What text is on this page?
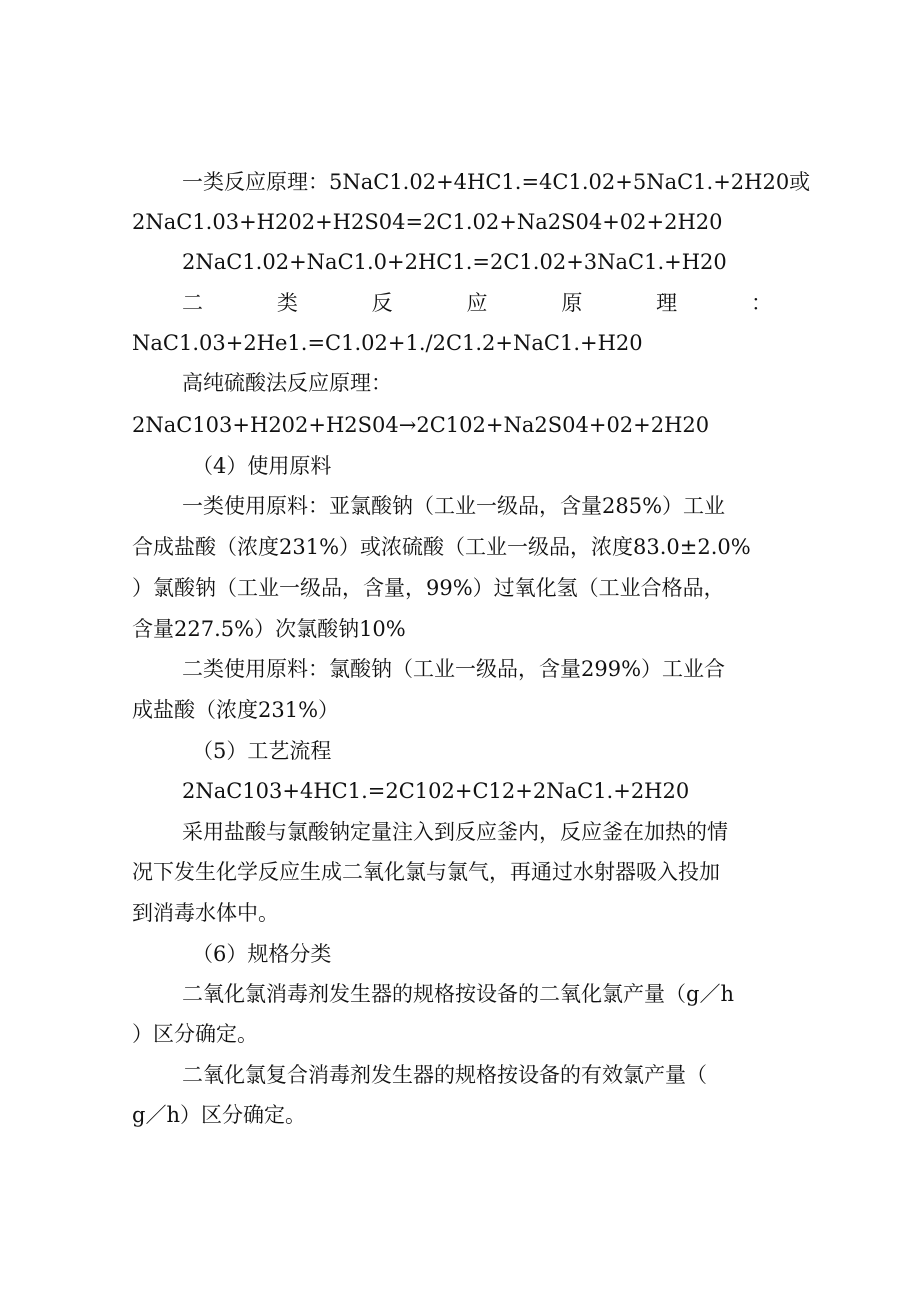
一类反应原理：5NaC1.02+4HC1.=4C1.02+5NaC1.+2H20或
2NaC1.03+H202+H2S04=2C1.02+Na2S04+02+2H20
2NaC1.02+NaC1.0+2HC1.=2C1.02+3NaC1.+H20
二	类	反	应	原	理	：
NaC1.03+2He1.=C1.02+1./2C1.2+NaC1.+H20
高纯硫酸法反应原理：
2NaC103+H202+H2S04→2C102+Na2S04+02+2H20
（4）使用原料
一类使用原料：亚氯酸钠（工业一级品，含量285%）工业
合成盐酸（浓度231%）或浓硫酸（工业一级品，浓度83.0±2.0%
）氯酸钠（工业一级品，含量，99%）过氧化氢（工业合格品，
含量227.5%）次氯酸钠10%
二类使用原料：氯酸钠（工业一级品，含量299%）工业合
成盐酸（浓度231%）
（5）工艺流程
2NaC103+4HC1.=2C102+C12+2NaC1.+2H20
采用盐酸与氯酸钠定量注入到反应釜内，反应釜在加热的情
况下发生化学反应生成二氧化氯与氯气，再通过水射器吸入投加
到消毒水体中。
（6）规格分类
二氧化氯消毒剂发生器的规格按设备的二氧化氯产量（g／h
）区分确定。
二氧化氯复合消毒剂发生器的规格按设备的有效氯产量（
g／h）区分确定。
